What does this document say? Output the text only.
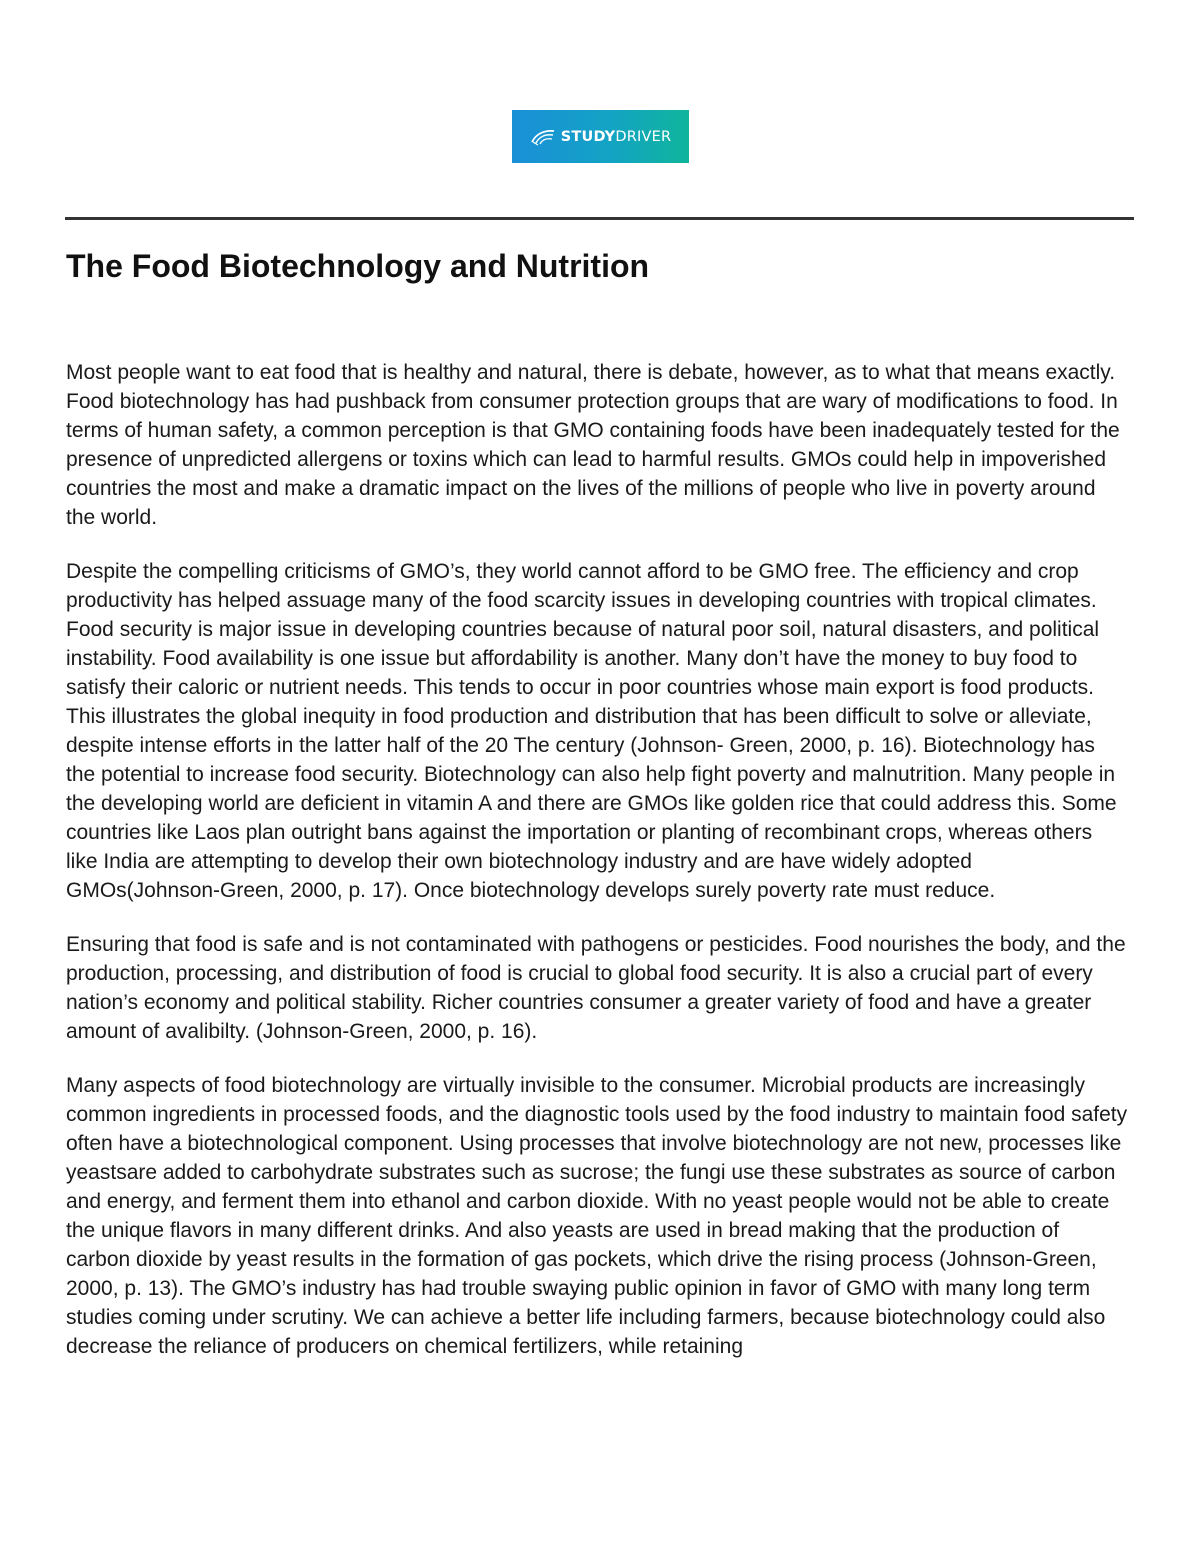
STUDYDRIVER
The Food Biotechnology and Nutrition

Most people want to eat food that is healthy and natural, there is debate, however, as to what that means exactly. Food biotechnology has had pushback from consumer protection groups that are wary of modifications to food. In terms of human safety, a common perception is that GMO containing foods have been inadequately tested for the presence of unpredicted allergens or toxins which can lead to harmful results. GMOs could help in impoverished countries the most and make a dramatic impact on the lives of the millions of people who live in poverty around the world.

Despite the compelling criticisms of GMO’s, they world cannot afford to be GMO free. The efficiency and crop productivity has helped assuage many of the food scarcity issues in developing countries with tropical climates. Food security is major issue in developing countries because of natural poor soil, natural disasters, and political instability. Food availability is one issue but affordability is another. Many don’t have the money to buy food to satisfy their caloric or nutrient needs. This tends to occur in poor countries whose main export is food products. This illustrates the global inequity in food production and distribution that has been difficult to solve or alleviate, despite intense efforts in the latter half of the 20 The century (Johnson- Green, 2000, p. 16). Biotechnology has the potential to increase food security. Biotechnology can also help fight poverty and malnutrition. Many people in the developing world are deficient in vitamin A and there are GMOs like golden rice that could address this. Some countries like Laos plan outright bans against the importation or planting of recombinant crops, whereas others like India are attempting to develop their own biotechnology industry and are have widely adopted GMOs(Johnson-Green, 2000, p. 17). Once biotechnology develops surely poverty rate must reduce.

Ensuring that food is safe and is not contaminated with pathogens or pesticides. Food nourishes the body, and the production, processing, and distribution of food is crucial to global food security. It is also a crucial part of every nation’s economy and political stability. Richer countries consumer a greater variety of food and have a greater amount of avalibilty. (Johnson-Green, 2000, p. 16).

Many aspects of food biotechnology are virtually invisible to the consumer. Microbial products are increasingly common ingredients in processed foods, and the diagnostic tools used by the food industry to maintain food safety often have a biotechnological component. Using processes that involve biotechnology are not new, processes like yeastsare added to carbohydrate substrates such as sucrose; the fungi use these substrates as source of carbon and energy, and ferment them into ethanol and carbon dioxide. With no yeast people would not be able to create the unique flavors in many different drinks. And also yeasts are used in bread making that the production of carbon dioxide by yeast results in the formation of gas pockets, which drive the rising process (Johnson-Green, 2000, p. 13). The GMO’s industry has had trouble swaying public opinion in favor of GMO with many long term studies coming under scrutiny. We can achieve a better life including farmers, because biotechnology could also decrease the reliance of producers on chemical fertilizers, while retaining
